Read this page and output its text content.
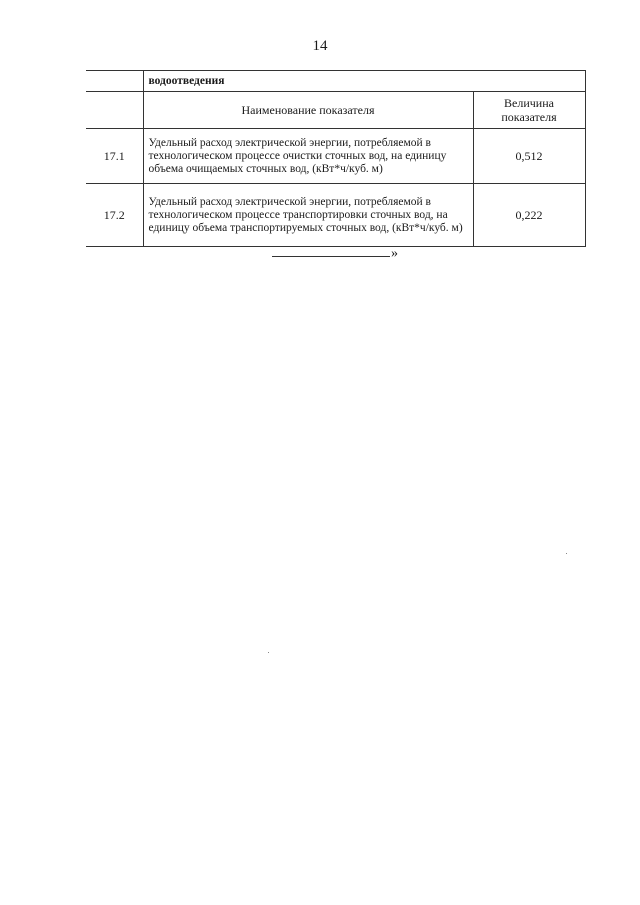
14
	водоотведения	
	Наименование показателя	Величина показателя
17.1	Удельный расход электрической энергии, потребляемой в технологическом процессе очистки сточных вод, на единицу объема очищаемых сточных вод, (кВт*ч/куб. м)	0,512
17.2	Удельный расход электрической энергии, потребляемой в технологическом процессе транспортировки сточных вод, на единицу объема транспортируемых сточных вод, (кВт*ч/куб. м)	0,222
»
